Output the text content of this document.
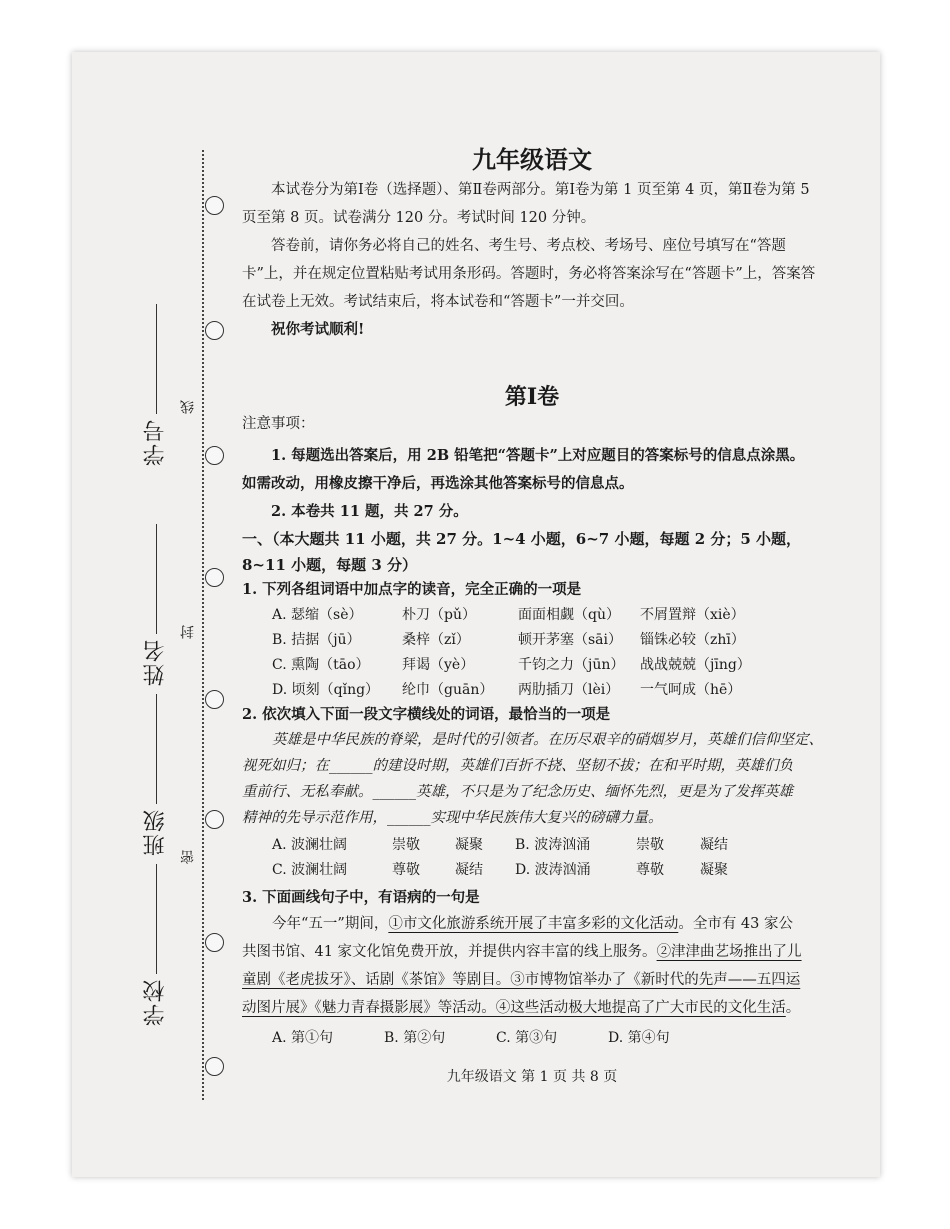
学校
班级
姓名
学号
密
封
线
九年级语文
本试卷分为第Ⅰ卷（选择题）、第Ⅱ卷两部分。第Ⅰ卷为第 1 页至第 4 页，第Ⅱ卷为第 5 页至第 8 页。试卷满分 120 分。考试时间 120 分钟。
答卷前，请你务必将自己的姓名、考生号、考点校、考场号、座位号填写在“答题卡”上，并在规定位置粘贴考试用条形码。答题时，务必将答案涂写在“答题卡”上，答案答在试卷上无效。考试结束后，将本试卷和“答题卡”一并交回。
祝你考试顺利!
第Ⅰ卷
注意事项：
1. 每题选出答案后，用 2B 铅笔把“答题卡”上对应题目的答案标号的信息点涂黑。如需改动，用橡皮擦干净后，再选涂其他答案标号的信息点。
2. 本卷共 11 题，共 27 分。
一、（本大题共 11 小题，共 27 分。1~4 小题，6~7 小题，每题 2 分；5 小题，
8~11 小题，每题 3 分）
1. 下列各组词语中加点字的读音，完全正确的一项是
A. 瑟缩（sè）	朴刀（pǔ）	面面相觑（qù） 不屑置辩（xiè）
B. 拮据（jū）	桑梓（zǐ）	顿开茅塞（sāi） 锱铢必较（zhī）
C. 熏陶（tāo） 拜谒（yè）	千钧之力（jūn） 战战兢兢（jīng）
D. 顷刻（qǐng） 纶巾（guān） 两肋插刀（lèi） 一气呵成（hē）
2. 依次填入下面一段文字横线处的词语，最恰当的一项是
英雄是中华民族的脊梁，是时代的引领者。在历尽艰辛的硝烟岁月，英雄们信仰坚定、
视死如归；在______的建设时期，英雄们百折不挠、坚韧不拔；在和平时期，英雄们负
重前行、无私奉献。______英雄，不只是为了纪念历史、缅怀先烈，更是为了发挥英雄
精神的先导示范作用，______实现中华民族伟大复兴的磅礴力量。
A. 波澜壮阔	崇敬	凝聚 B. 波涛汹涌	崇敬	凝结
C. 波澜壮阔	尊敬	凝结 D. 波涛汹涌	尊敬	凝聚
3. 下面画线句子中，有语病的一句是
今年“五一”期间，①市文化旅游系统开展了丰富多彩的文化活动。全市有 43 家公
共图书馆、41 家文化馆免费开放，并提供内容丰富的线上服务。②津津曲艺场推出了儿
童剧《老虎拔牙》、话剧《茶馆》等剧目。③市博物馆举办了《新时代的先声——五四运
动图片展》《魅力青春摄影展》等活动。④这些活动极大地提高了广大市民的文化生活。
A. 第①句	B. 第②句	C. 第③句	D. 第④句
九年级语文 第 1 页 共 8 页
